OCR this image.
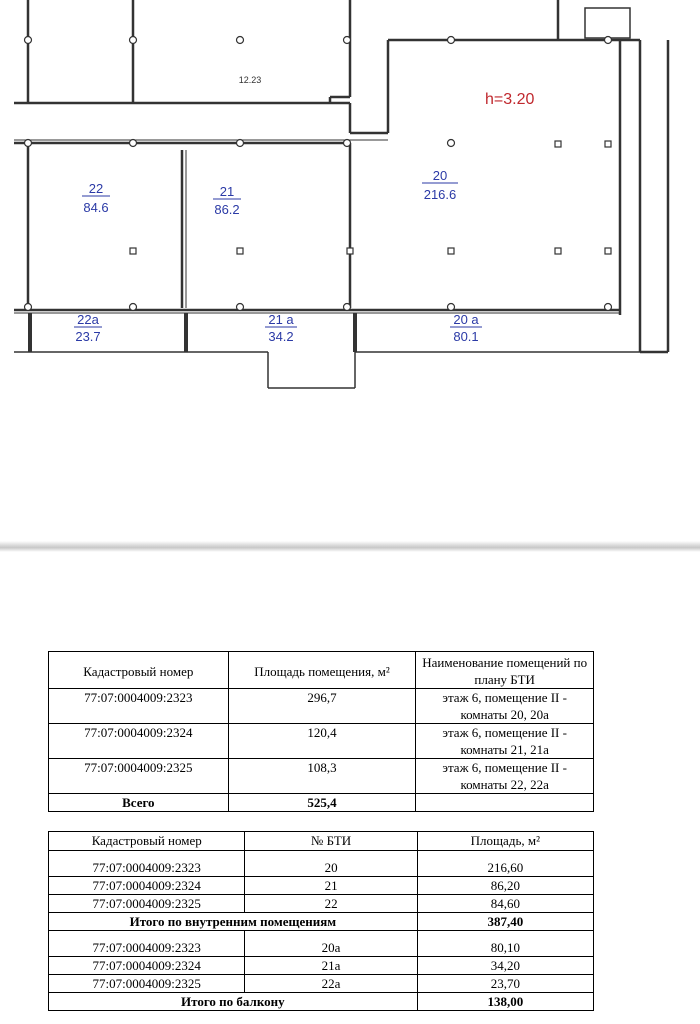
12.23
h=3.20
22
84.6
21
86.2
20
216.6
22a
23.7
21 a
34.2
20 a
80.1
Кадастровый номер	Площадь помещения, м²	Наименование помещений по плану БТИ
77:07:0004009:2323	296,7	этаж 6, помещение II - комнаты 20, 20а
77:07:0004009:2324	120,4	этаж 6, помещение II - комнаты 21, 21а
77:07:0004009:2325	108,3	этаж 6, помещение II - комнаты 22, 22а
Всего	525,4	
Кадастровый номер	№ БТИ	Площадь, м²
77:07:0004009:2323	20	216,60
77:07:0004009:2324	21	86,20
77:07:0004009:2325	22	84,60
Итого по внутренним помещениям		387,40
77:07:0004009:2323	20а	80,10
77:07:0004009:2324	21а	34,20
77:07:0004009:2325	22а	23,70
Итого по балкону		138,00
